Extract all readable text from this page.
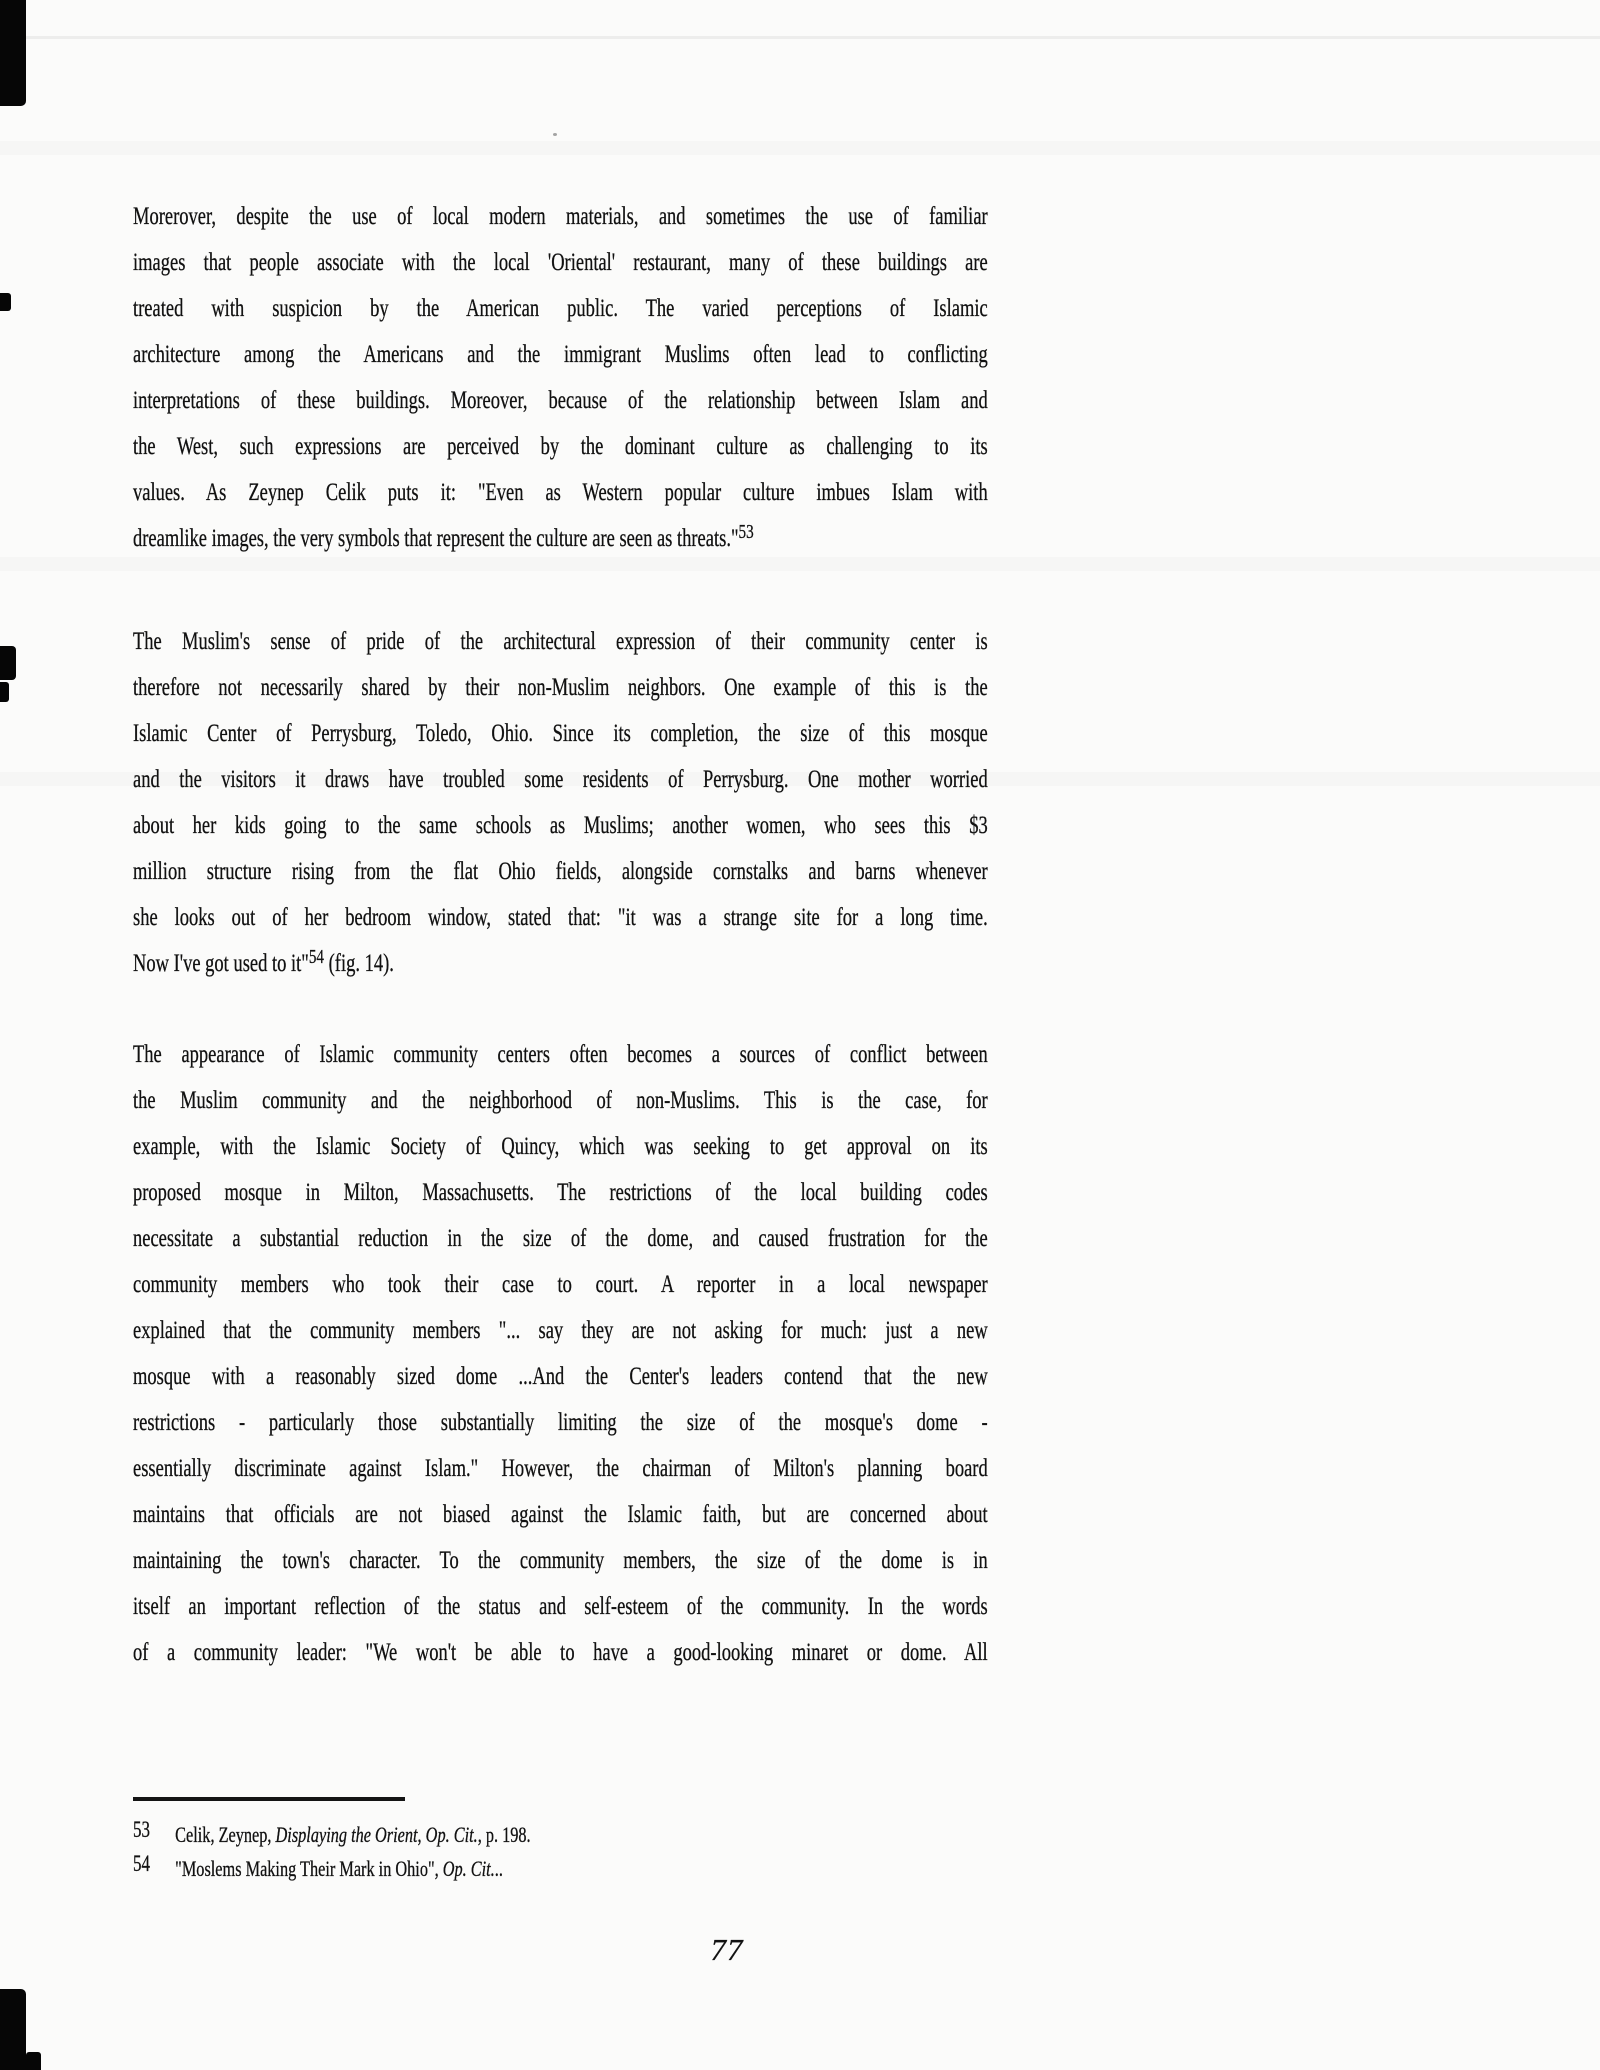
Morerover, despite the use of local modern materials, and sometimes the use of familiar
images that people associate with the local 'Oriental' restaurant, many of these buildings are
treated with suspicion by the American public. The varied perceptions of Islamic
architecture among the Americans and the immigrant Muslims often lead to conflicting
interpretations of these buildings. Moreover, because of the relationship between Islam and
the West, such expressions are perceived by the dominant culture as challenging to its
values. As Zeynep Celik puts it: "Even as Western popular culture imbues Islam with
dreamlike images, the very symbols that represent the culture are seen as threats."$^{53}$
The Muslim's sense of pride of the architectural expression of their community center is
therefore not necessarily shared by their non-Muslim neighbors. One example of this is the
Islamic Center of Perrysburg, Toledo, Ohio. Since its completion, the size of this mosque
and the visitors it draws have troubled some residents of Perrysburg. One mother worried
about her kids going to the same schools as Muslims; another women, who sees this $3
million structure rising from the flat Ohio fields, alongside cornstalks and barns whenever
she looks out of her bedroom window, stated that: "it was a strange site for a long time.
Now I've got used to it"$^{54}$ (fig. 14).
The appearance of Islamic community centers often becomes a sources of conflict between
the Muslim community and the neighborhood of non-Muslims. This is the case, for
example, with the Islamic Society of Quincy, which was seeking to get approval on its
proposed mosque in Milton, Massachusetts. The restrictions of the local building codes
necessitate a substantial reduction in the size of the dome, and caused frustration for the
community members who took their case to court. A reporter in a local newspaper
explained that the community members "... say they are not asking for much: just a new
mosque with a reasonably sized dome ...And the Center's leaders contend that the new
restrictions - particularly those substantially limiting the size of the mosque's dome -
essentially discriminate against Islam." However, the chairman of Milton's planning board
maintains that officials are not biased against the Islamic faith, but are concerned about
maintaining the town's character. To the community members, the size of the dome is in
itself an important reflection of the status and self-esteem of the community. In the words
of a community leader: "We won't be able to have a good-looking minaret or dome. All
53 Celik, Zeynep, Displaying the Orient, Op. Cit., p. 198.
54 "Moslems Making Their Mark in Ohio", Op. Cit...
77
